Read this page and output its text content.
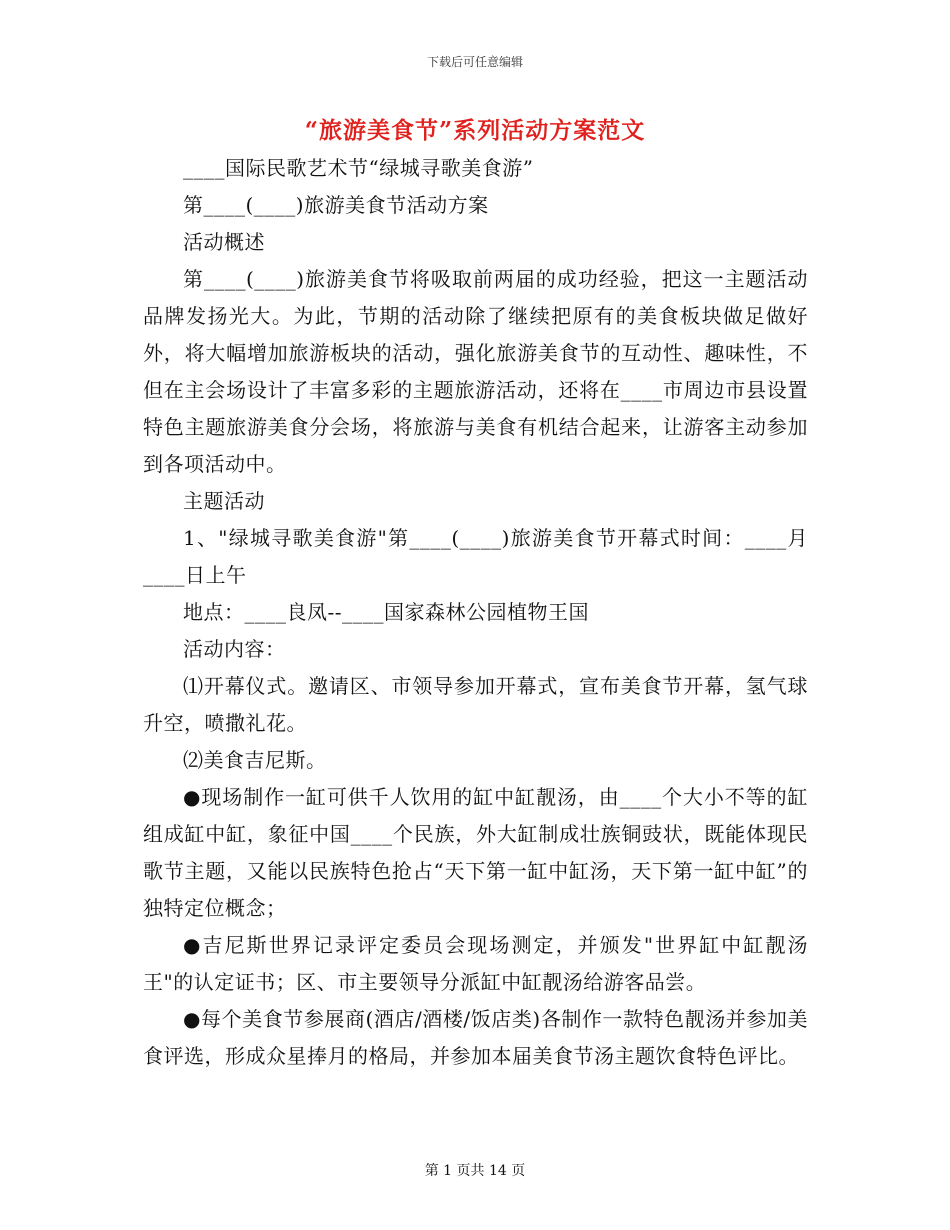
下载后可任意编辑
“旅游美食节”系列活动方案范文

____国际民歌艺术节“绿城寻歌美食游”

第____(____)旅游美食节活动方案

活动概述

第____(____)旅游美食节将吸取前两届的成功经验，把这一主题活动品牌发扬光大。为此，节期的活动除了继续把原有的美食板块做足做好外，将大幅增加旅游板块的活动，强化旅游美食节的互动性、趣味性，不但在主会场设计了丰富多彩的主题旅游活动，还将在____市周边市县设置特色主题旅游美食分会场，将旅游与美食有机结合起来，让游客主动参加到各项活动中。

主题活动

1、"绿城寻歌美食游"第____(____)旅游美食节开幕式时间：____月____日上午

地点：____良凤--____国家森林公园植物王国

活动内容：

⑴开幕仪式。邀请区、市领导参加开幕式，宣布美食节开幕，氢气球升空，喷撒礼花。

⑵美食吉尼斯。

●现场制作一缸可供千人饮用的缸中缸靓汤，由____个大小不等的缸组成缸中缸，象征中国____个民族，外大缸制成壮族铜豉状，既能体现民歌节主题，又能以民族特色抢占“天下第一缸中缸汤，天下第一缸中缸”的独特定位概念；

●吉尼斯世界记录评定委员会现场测定，并颁发"世界缸中缸靓汤王"的认定证书；区、市主要领导分派缸中缸靓汤给游客品尝。

●每个美食节参展商(酒店/酒楼/饭店类)各制作一款特色靓汤并参加美食评选，形成众星捧月的格局，并参加本届美食节汤主题饮食特色评比。

第 1 页共 14 页
